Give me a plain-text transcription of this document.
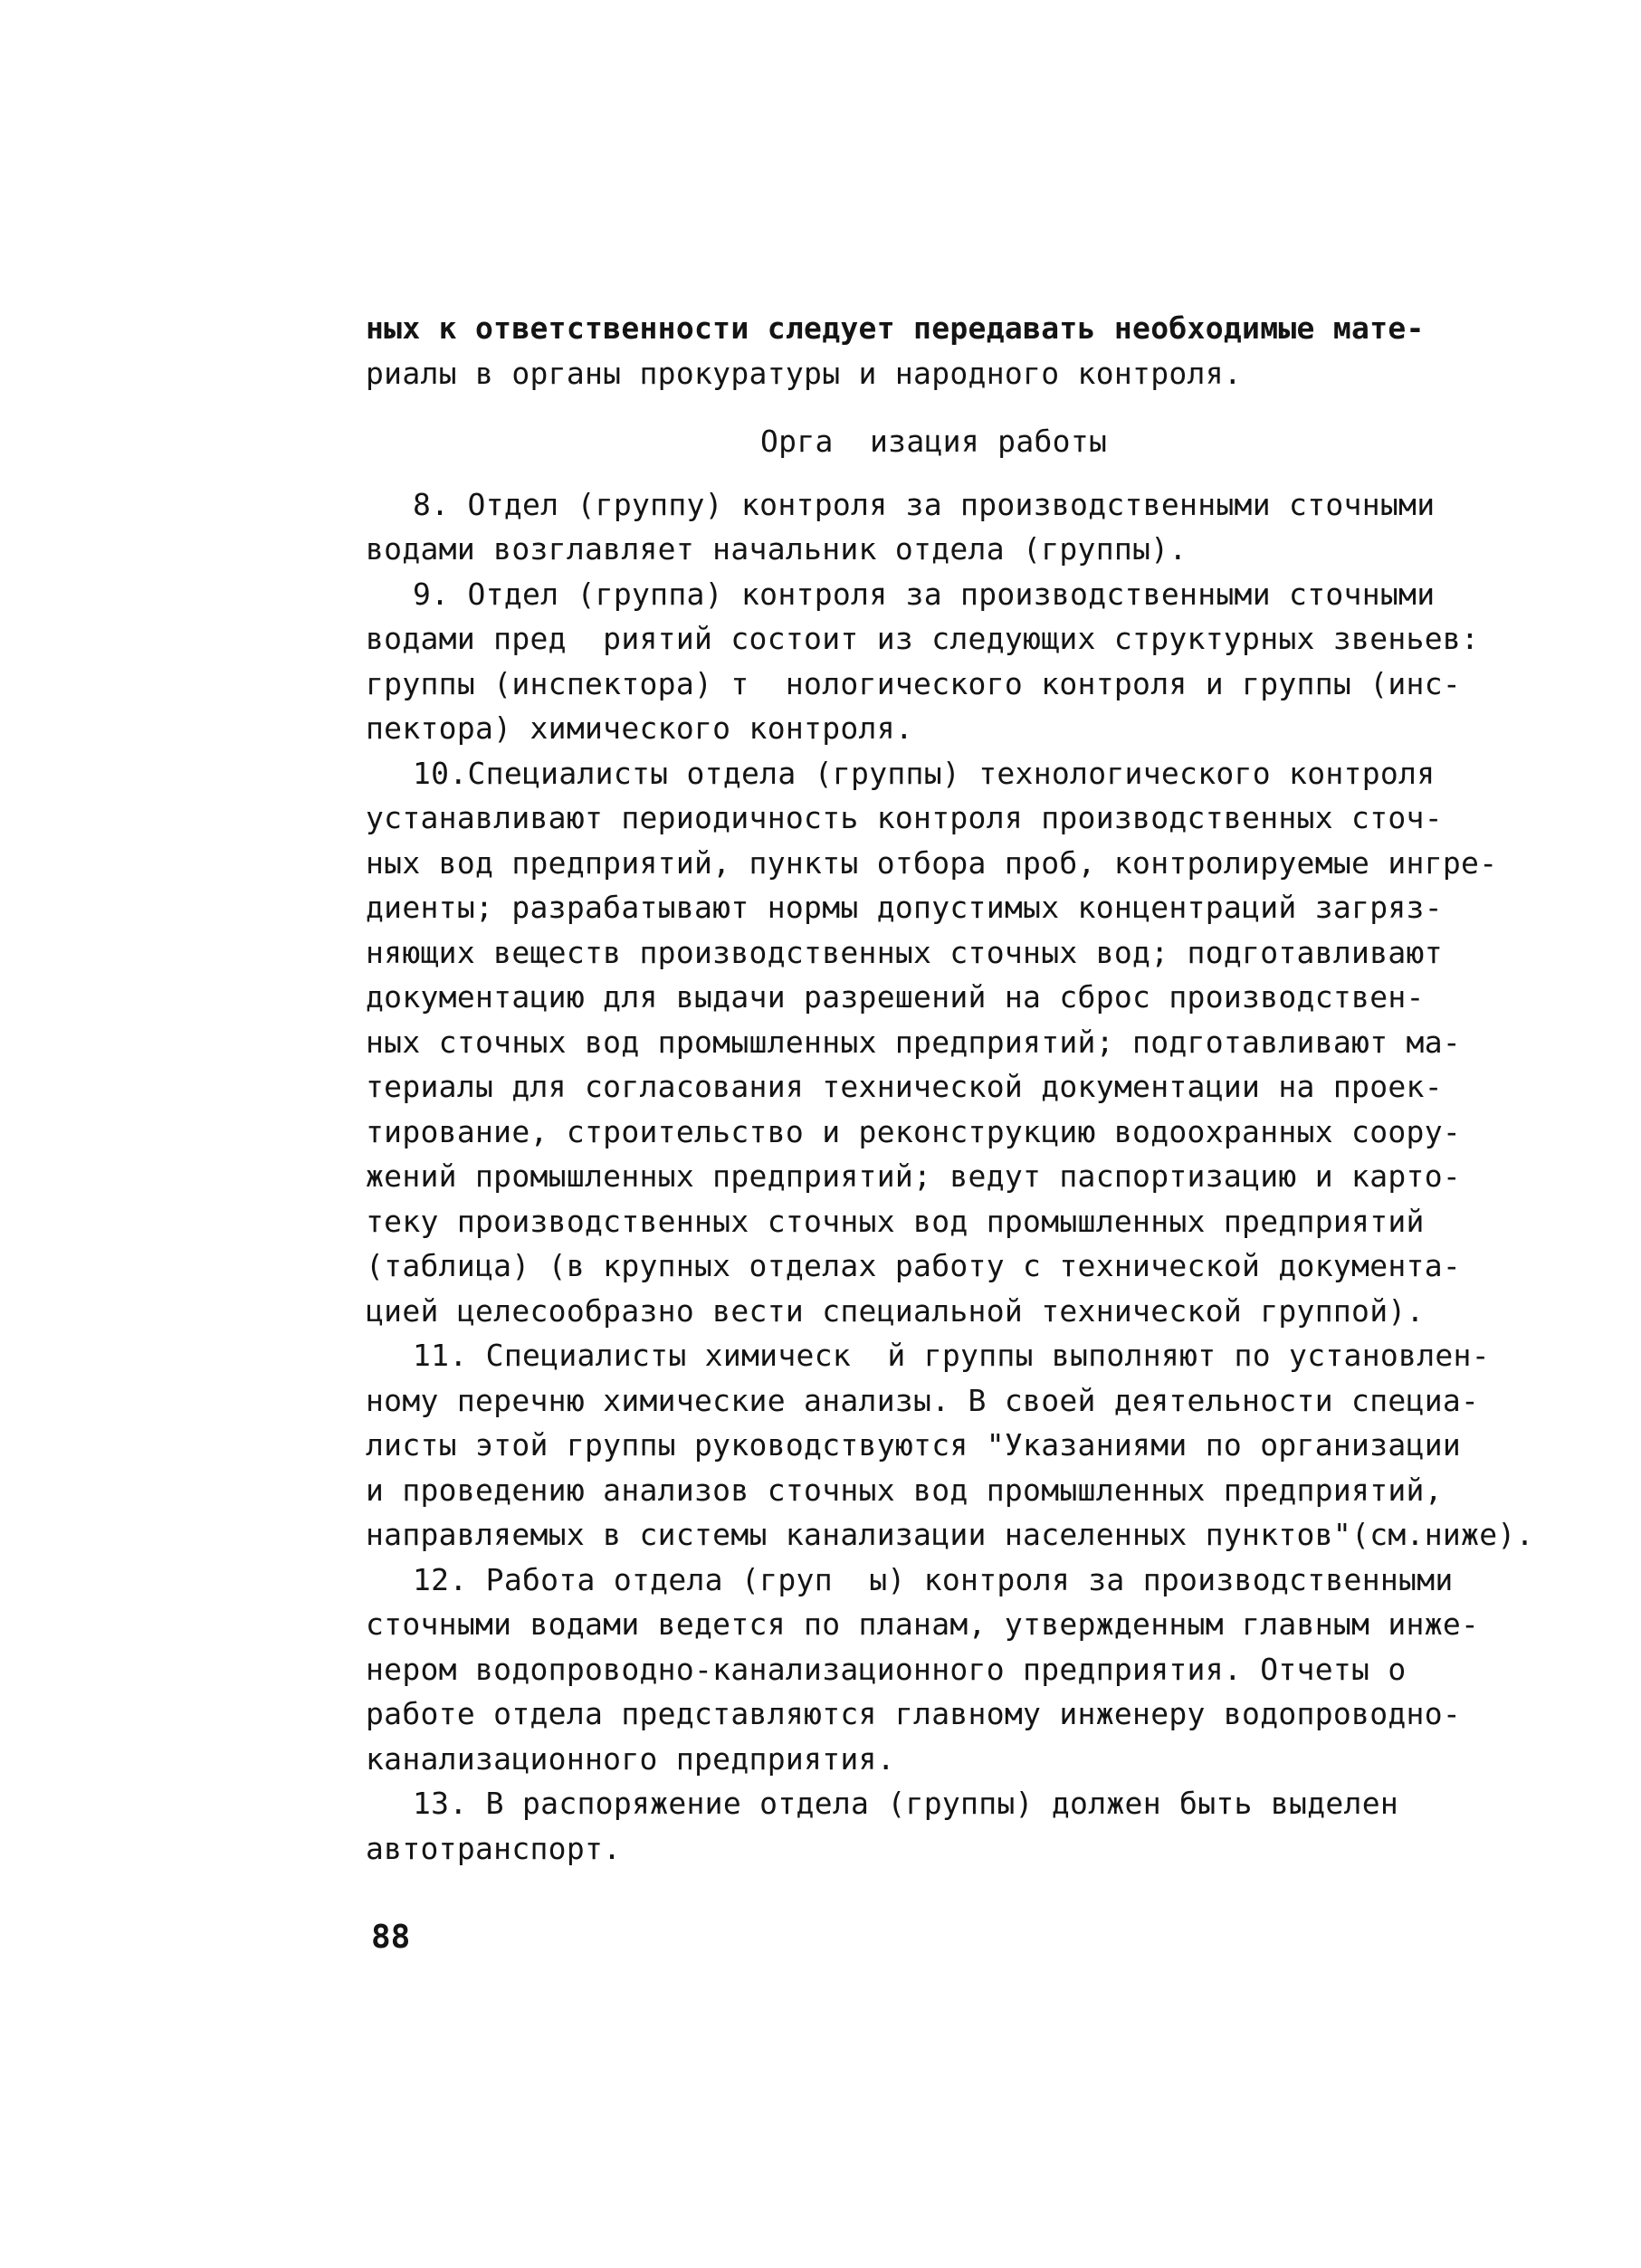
ных к ответственности следует передавать необходимые мате-
риалы в органы прокуратуры и народного контроля.
Орга  изация работы
8. Отдел (группу) контроля за производственными сточными
водами возглавляет начальник отдела (группы).
9. Отдел (группа) контроля за производственными сточными
водами пред  риятий состоит из следующих структурных звеньев:
группы (инспектора) т  нологического контроля и группы (инс-
пектора) химического контроля.
10.Специалисты отдела (группы) технологического контроля
устанавливают периодичность контроля производственных сточ-
ных вод предприятий, пункты отбора проб, контролируемые ингре-
диенты; разрабатывают нормы допустимых концентраций загряз-
няющих веществ производственных сточных вод; подготавливают
документацию для выдачи разрешений на сброс производствен-
ных сточных вод промышленных предприятий; подготавливают ма-
териалы для согласования технической документации на проек-
тирование, строительство и реконструкцию водоохранных соору-
жений промышленных предприятий; ведут паспортизацию и карто-
теку производственных сточных вод промышленных предприятий
(таблица) (в крупных отделах работу с технической документа-
цией целесообразно вести специальной технической группой).
11. Специалисты химическ  й группы выполняют по установлен-
ному перечню химические анализы. В своей деятельности специа-
листы этой группы руководствуются "Указаниями по организации
и проведению анализов сточных вод промышленных предприятий,
направляемых в системы канализации населенных пунктов"(см.ниже).
12. Работа отдела (груп  ы) контроля за производственными
сточными водами ведется по планам, утвержденным главным инже-
нером водопроводно-канализационного предприятия. Отчеты о
работе отдела представляются главному инженеру водопроводно-
канализационного предприятия.
13. В распоряжение отдела (группы) должен быть выделен
автотранспорт.
88
